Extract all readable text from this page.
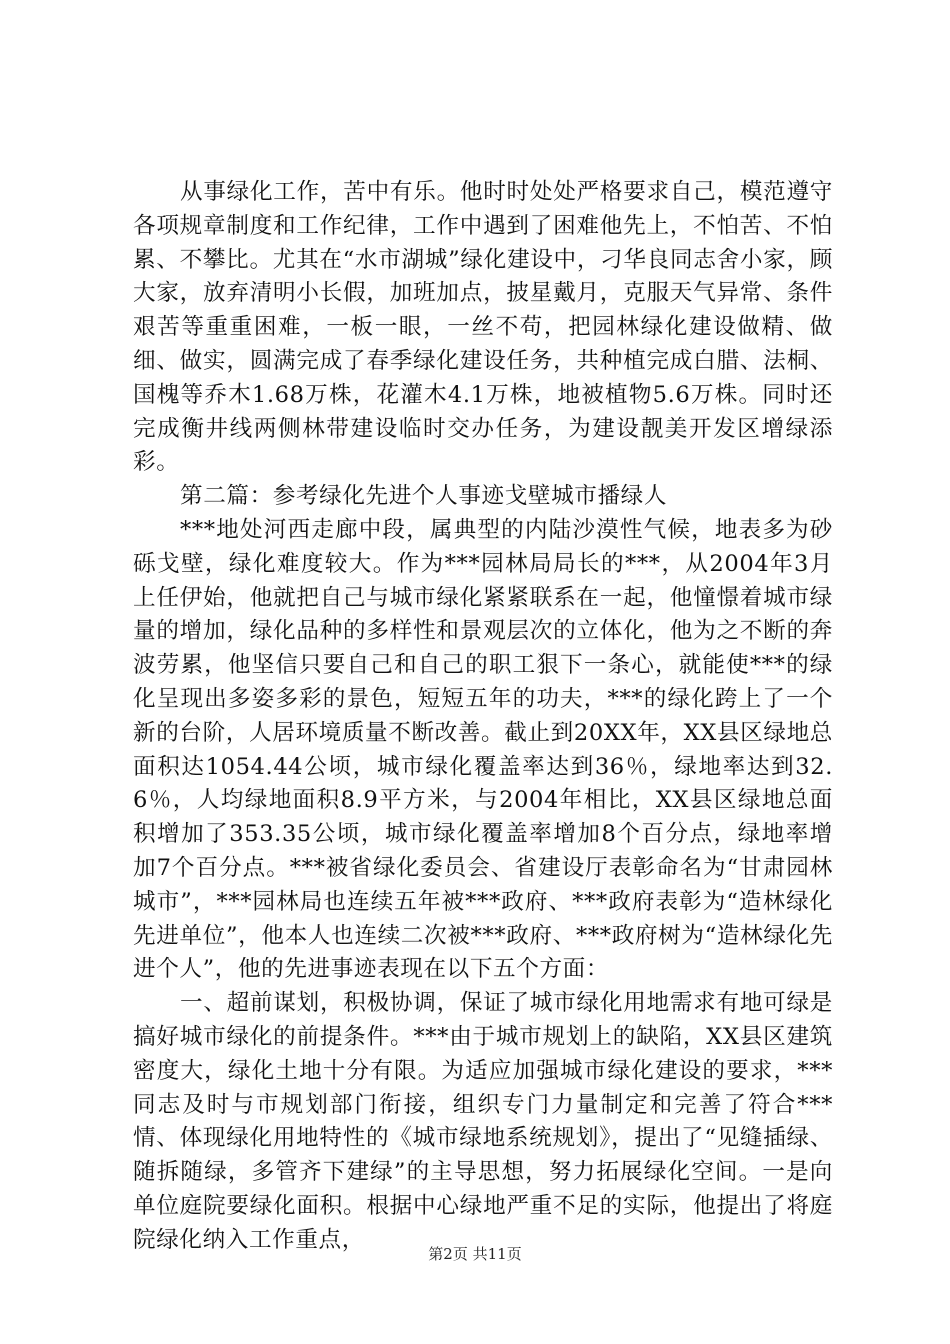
从事绿化工作，苦中有乐。他时时处处严格要求自己，模范遵守各项规章制度和工作纪律，工作中遇到了困难他先上，不怕苦、不怕累、不攀比。尤其在“水市湖城”绿化建设中，刁华良同志舍小家，顾大家，放弃清明小长假，加班加点，披星戴月，克服天气异常、条件艰苦等重重困难，一板一眼，一丝不苟，把园林绿化建设做精、做细、做实，圆满完成了春季绿化建设任务，共种植完成白腊、法桐、国槐等乔木1.68万株，花灌木4.1万株，地被植物5.6万株。同时还完成衡井线两侧林带建设临时交办任务，为建设靓美开发区增绿添彩。

第二篇：参考绿化先进个人事迹戈壁城市播绿人

***地处河西走廊中段，属典型的内陆沙漠性气候，地表多为砂砾戈壁，绿化难度较大。作为***园林局局长的***，从2004年3月上任伊始，他就把自己与城市绿化紧紧联系在一起，他憧憬着城市绿量的增加，绿化品种的多样性和景观层次的立体化，他为之不断的奔波劳累，他坚信只要自己和自己的职工狠下一条心，就能使***的绿化呈现出多姿多彩的景色，短短五年的功夫，***的绿化跨上了一个新的台阶，人居环境质量不断改善。截止到20XX年，XX县区绿地总面积达1054.44公顷，城市绿化覆盖率达到36％，绿地率达到32.6％，人均绿地面积8.9平方米，与2004年相比，XX县区绿地总面积增加了353.35公顷，城市绿化覆盖率增加8个百分点，绿地率增加7个百分点。***被省绿化委员会、省建设厅表彰命名为“甘肃园林城市”，***园林局也连续五年被***政府、***政府表彰为“造林绿化先进单位”，他本人也连续二次被***政府、***政府树为“造林绿化先进个人”，他的先进事迹表现在以下五个方面：

一、超前谋划，积极协调，保证了城市绿化用地需求有地可绿是搞好城市绿化的前提条件。***由于城市规划上的缺陷，XX县区建筑密度大，绿化土地十分有限。为适应加强城市绿化建设的要求，***同志及时与市规划部门衔接，组织专门力量制定和完善了符合***情、体现绿化用地特性的《城市绿地系统规划》，提出了“见缝插绿、随拆随绿，多管齐下建绿”的主导思想，努力拓展绿化空间。一是向单位庭院要绿化面积。根据中心绿地严重不足的实际，他提出了将庭院绿化纳入工作重点，

第2页 共11页
